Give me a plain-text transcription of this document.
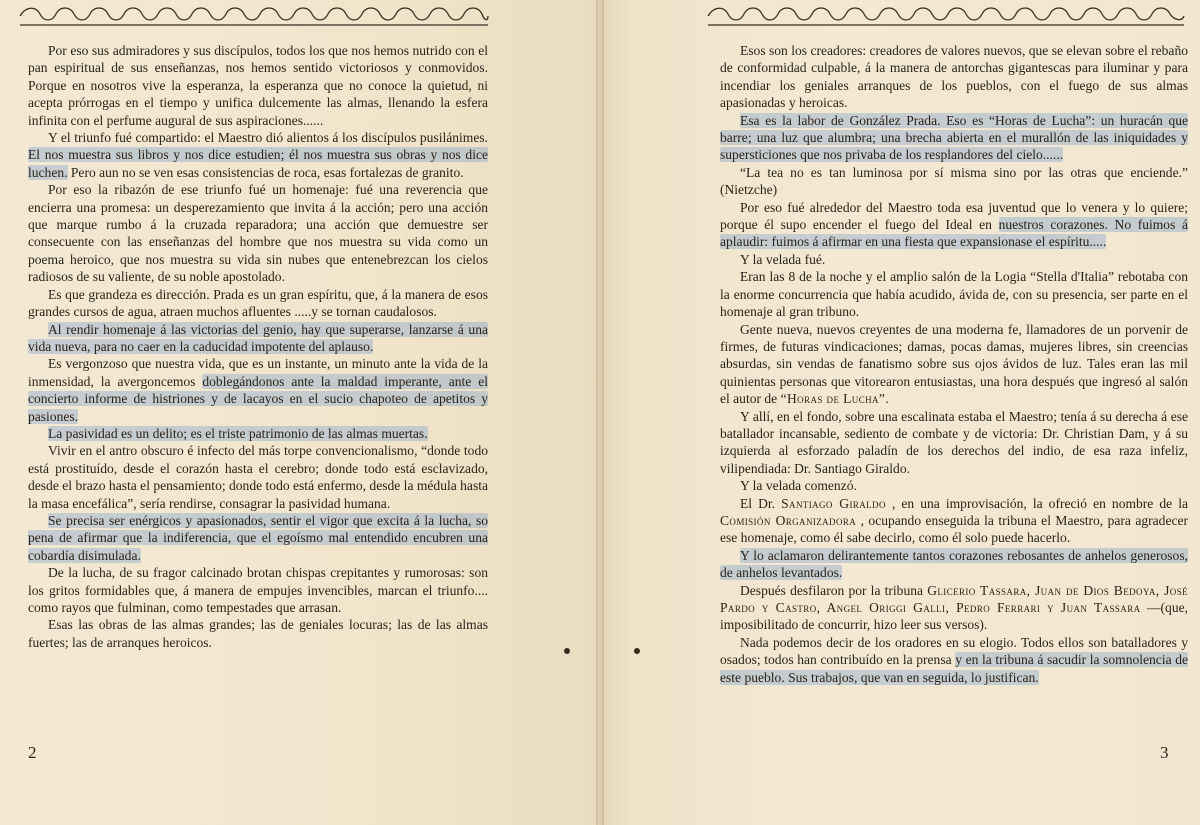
Por eso sus admiradores y sus discípulos, todos los que nos hemos nutrido con el pan espiritual de sus enseñanzas, nos hemos sentido victoriosos y conmovidos. Porque en nosotros vive la esperanza, la esperanza que no conoce la quietud, ni acepta prórrogas en el tiempo y unifica dulcemente las almas, llenando la esfera infinita con el perfume augural de sus aspiraciones......

Y el triunfo fué compartido: el Maestro dió alientos á los discípulos pusilánimes. El nos muestra sus libros y nos dice estudien; él nos muestra sus obras y nos dice luchen. Pero aun no se ven esas consistencias de roca, esas fortalezas de granito.

Por eso la ribazón de ese triunfo fué un homenaje: fué una reverencia que encierra una promesa: un desperezamiento que invita á la acción; pero una acción que marque rumbo á la cruzada reparadora; una acción que demuestre ser consecuente con las enseñanzas del hombre que nos muestra su vida como un poema heroico, que nos muestra su vida sin nubes que entenebrezcan los cielos radiosos de su valiente, de su noble apostolado.

Es que grandeza es dirección. Prada es un gran espíritu, que, á la manera de esos grandes cursos de agua, atraen muchos afluentes .....y se tornan caudalosos.

Al rendir homenaje á las victorias del genio, hay que superarse, lanzarse á una vida nueva, para no caer en la caducidad impotente del aplauso.

Es vergonzoso que nuestra vida, que es un instante, un minuto ante la vida de la inmensidad, la avergoncemos doblegándonos ante la maldad imperante, ante el concierto informe de histriones y de lacayos en el sucio chapoteo de apetitos y pasiones.

La pasividad es un delito; es el triste patrimonio de las almas muertas.

Vivir en el antro obscuro é infecto del más torpe convencionalismo, “donde todo está prostituído, desde el corazón hasta el cerebro; donde todo está esclavizado, desde el brazo hasta el pensamiento; donde todo está enfermo, desde la médula hasta la masa encefálica”, sería rendirse, consagrar la pasividad humana.

Se precisa ser enérgicos y apasionados, sentir el vigor que excita á la lucha, so pena de afirmar que la indiferencia, que el egoísmo mal entendido encubren una cobardía disimulada.

De la lucha, de su fragor calcinado brotan chispas crepitantes y rumorosas: son los gritos formidables que, á manera de empujes invencibles, marcan el triunfo.... como rayos que fulminan, como tempestades que arrasan.

Esas las obras de las almas grandes; las de geniales locuras; las de las almas fuertes; las de arranques heroicos.

2

Esos son los creadores: creadores de valores nuevos, que se elevan sobre el rebaño de conformidad culpable, á la manera de antorchas gigantescas para iluminar y para incendiar los geniales arranques de los pueblos, con el fuego de sus almas apasionadas y heroicas.

Esa es la labor de González Prada. Eso es “Horas de Lucha”: un huracán que barre; una luz que alumbra; una brecha abierta en el murallón de las iniquidades y supersticiones que nos privaba de los resplandores del cielo......

“La tea no es tan luminosa por sí misma sino por las otras que enciende.” (Nietzche)

Por eso fué alrededor del Maestro toda esa juventud que lo venera y lo quiere; porque él supo encender el fuego del Ideal en nuestros corazones. No fuimos á aplaudir: fuimos á afirmar en una fiesta que expansionase el espíritu.....

Y la velada fué.

Eran las 8 de la noche y el amplio salón de la Logia “Stella d'Italia” rebotaba con la enorme concurrencia que había acudido, ávida de, con su presencia, ser parte en el homenaje al gran tribuno.

Gente nueva, nuevos creyentes de una moderna fe, llamadores de un porvenir de firmes, de futuras vindicaciones; damas, pocas damas, mujeres libres, sin creencias absurdas, sin vendas de fanatismo sobre sus ojos ávidos de luz. Tales eran las mil quinientas personas que vitorearon entusiastas, una hora después que ingresó al salón el autor de “Horas de Lucha”.

Y allí, en el fondo, sobre una escalinata estaba el Maestro; tenía á su derecha á ese batallador incansable, sediento de combate y de victoria: Dr. Christian Dam, y á su izquierda al esforzado paladín de los derechos del indio, de esa raza infeliz, vilipendiada: Dr. Santiago Giraldo.

Y la velada comenzó.

El Dr. Santiago Giraldo , en una improvisación, la ofreció en nombre de la Comisión Organizadora , ocupando enseguida la tribuna el Maestro, para agradecer ese homenaje, como él sabe decirlo, como él solo puede hacerlo.

Y lo aclamaron delirantemente tantos corazones rebosantes de anhelos generosos, de anhelos levantados.

Después desfilaron por la tribuna Glicerio Tassara, Juan de Dios Bedoya, José Pardo y Castro, Angel Origgi Galli, Pedro Ferrari y Juan Tassara —(que, imposibilitado de concurrir, hizo leer sus versos).

Nada podemos decir de los oradores en su elogio. Todos ellos son batalladores y osados; todos han contribuído en la prensa y en la tribuna á sacudir la somnolencia de este pueblo. Sus trabajos, que van en seguida, lo justifican.

3
